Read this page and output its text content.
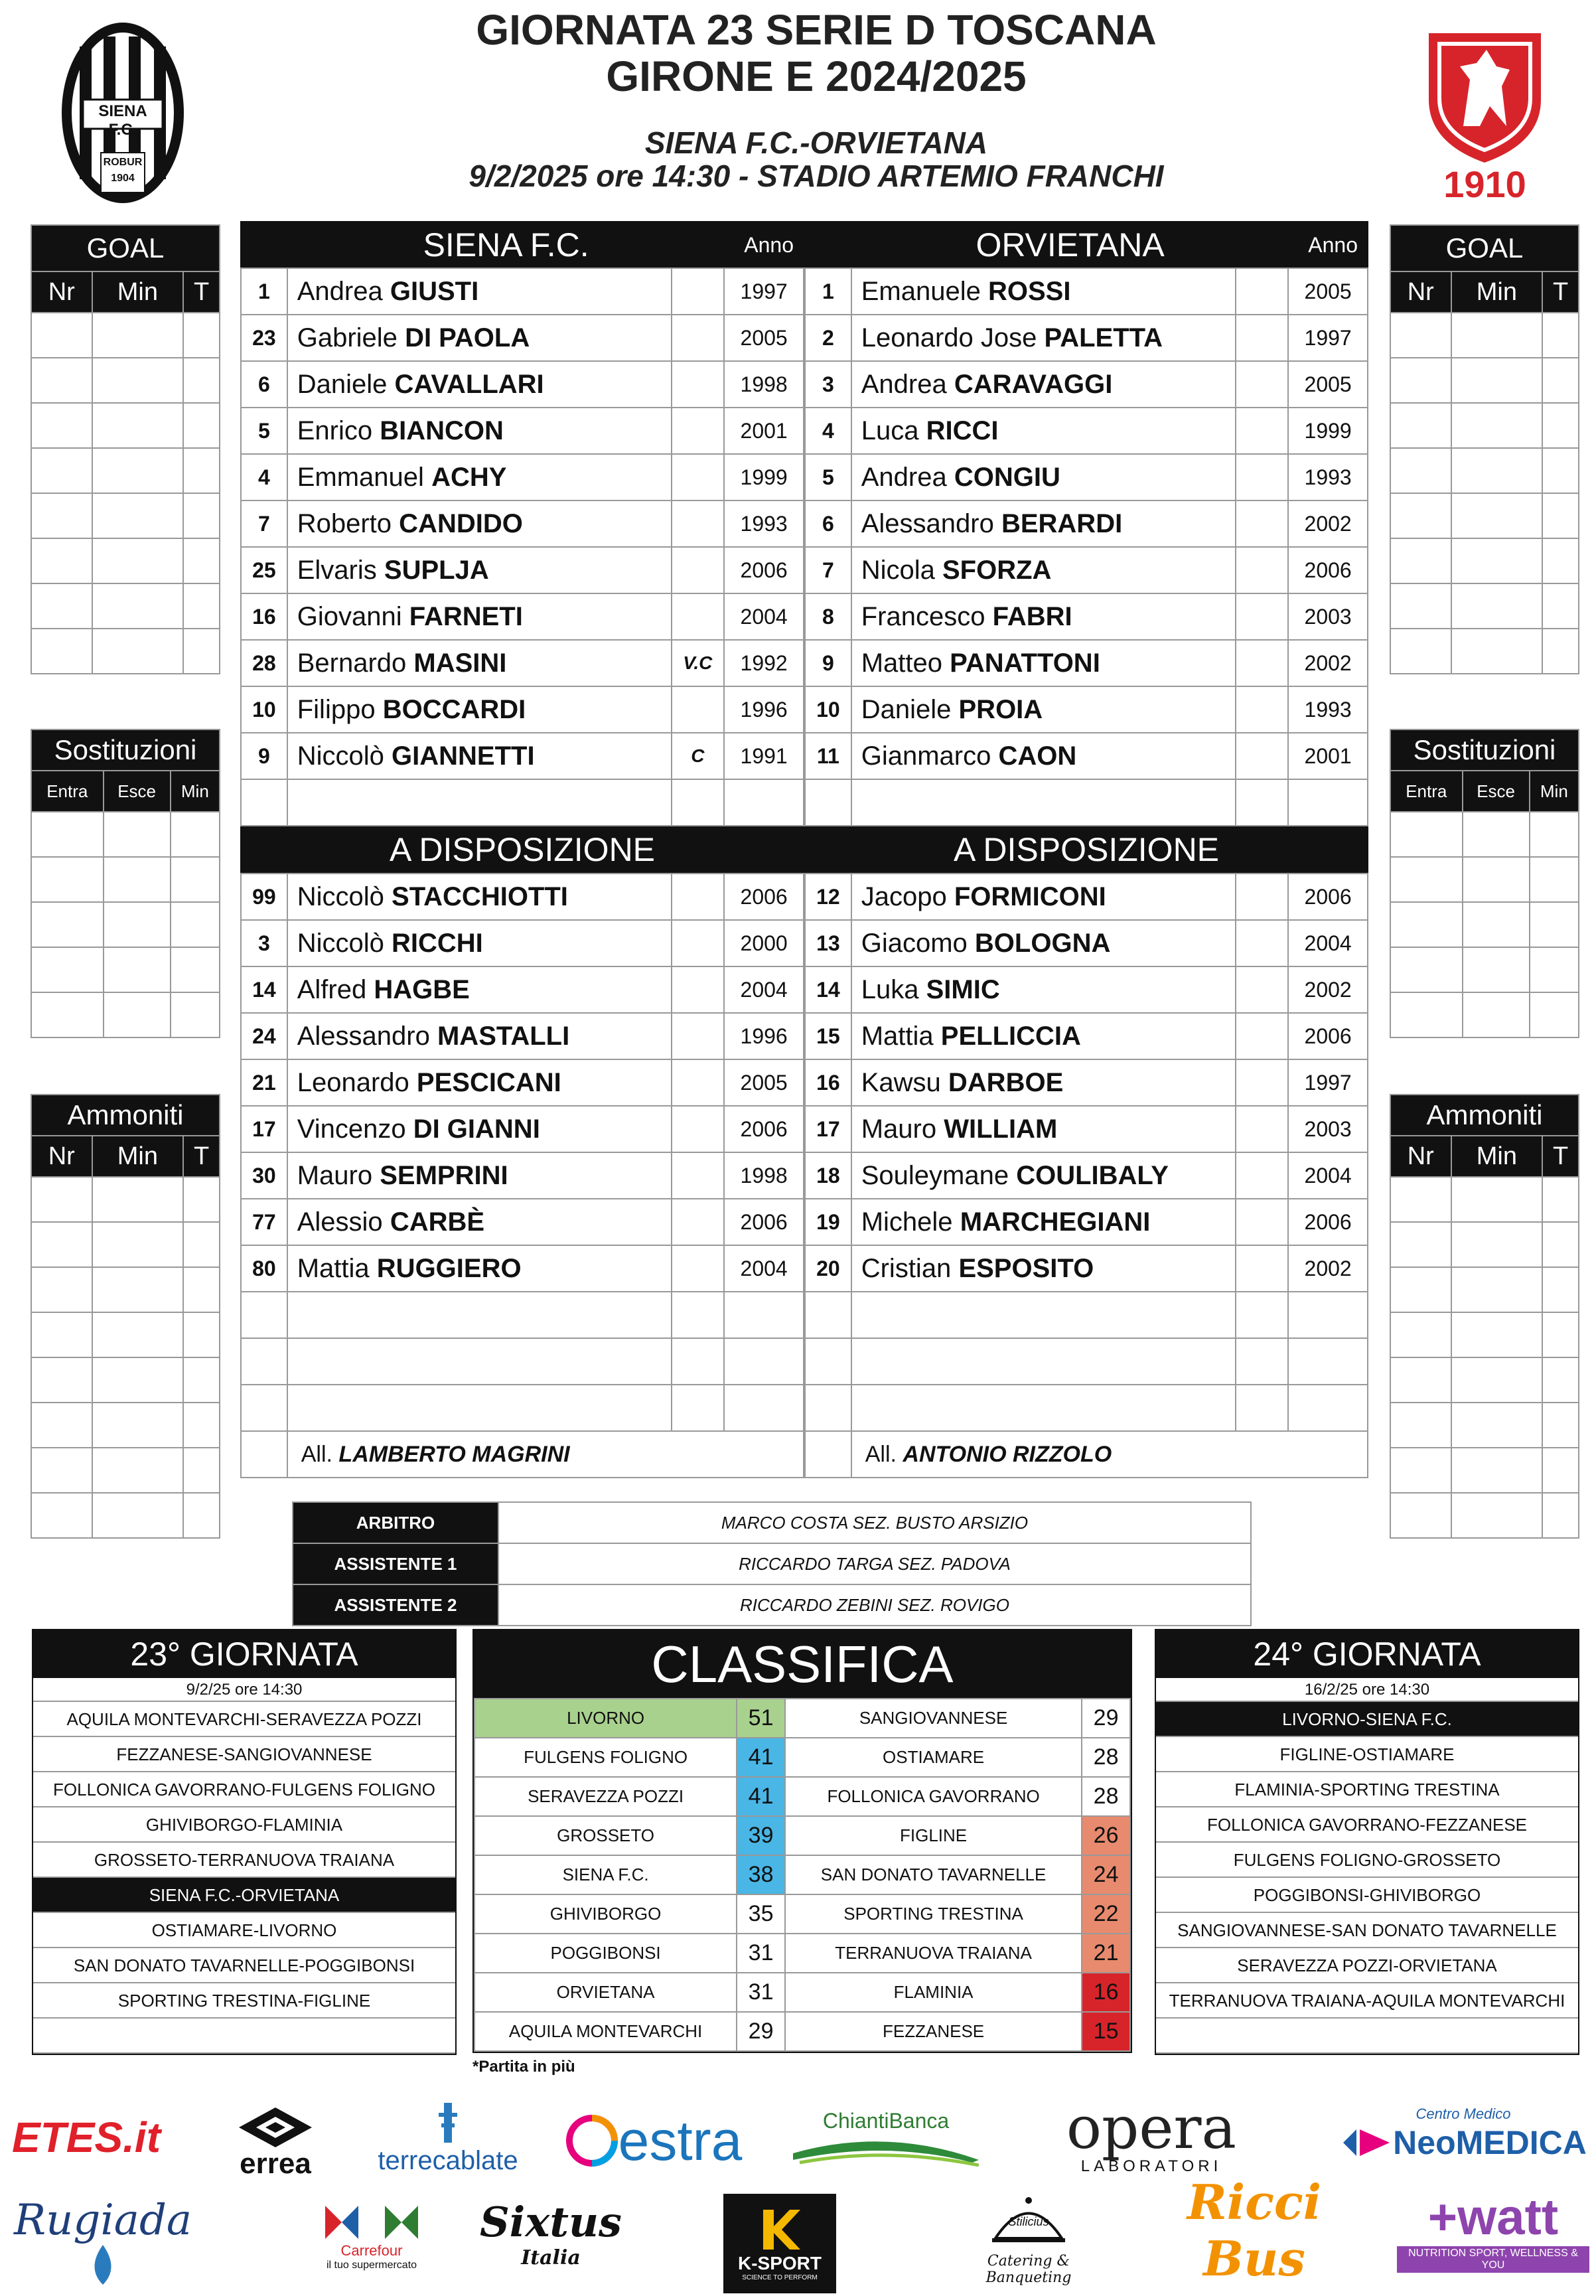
GIORNATA 23 SERIE D TOSCANA
GIRONE E 2024/2025
SIENA F.C.-ORVIETANA
9/2/2025 ore 14:30 - STADIO ARTEMIO FRANCHI
SIENA F.C.
ROBUR
1904	1910
GOAL		
Nr	Min	T

Sostituzioni		
Entra	Esce	Min

Ammoniti		
Nr	Min	T

GOAL		
Nr	Min	T

Sostituzioni		
Entra	Esce	Min

Ammoniti		
Nr	Min	T

SIENA F.C.			Anno
1	Andrea GIUSTI		1997
23	Gabriele DI PAOLA		2005
6	Daniele CAVALLARI		1998
5	Enrico BIANCON		2001
4	Emmanuel ACHY		1999
7	Roberto CANDIDO		1993
25	Elvaris SUPLJA		2006
16	Giovanni FARNETI		2004
28	Bernardo MASINI	V.C	1992
10	Filippo BOCCARDI		1996
9	Niccolò GIANNETTI	C	1991

A DISPOSIZIONE			
99	Niccolò STACCHIOTTI		2006
3	Niccolò RICCHI		2000
14	Alfred HAGBE		2004
24	Alessandro MASTALLI		1996
21	Leonardo PESCICANI		2005
17	Vincenzo DI GIANNI		2006
30	Mauro SEMPRINI		1998
77	Alessio CARBÈ		2006
80	Mattia RUGGIERO		2004

	All. LAMBERTO MAGRINI		
ORVIETANA			Anno
1	Emanuele ROSSI		2005
2	Leonardo Jose PALETTA		1997
3	Andrea CARAVAGGI		2005
4	Luca RICCI		1999
5	Andrea CONGIU		1993
6	Alessandro BERARDI		2002
7	Nicola SFORZA		2006
8	Francesco FABRI		2003
9	Matteo PANATTONI		2002
10	Daniele PROIA		1993
11	Gianmarco CAON		2001

A DISPOSIZIONE			
12	Jacopo FORMICONI		2006
13	Giacomo BOLOGNA		2004
14	Luka SIMIC		2002
15	Mattia PELLICCIA		2006
16	Kawsu DARBOE		1997
17	Mauro WILLIAM		2003
18	Souleymane COULIBALY		2004
19	Michele MARCHEGIANI		2006
20	Cristian ESPOSITO		2002

	All. ANTONIO RIZZOLO		
ARBITRO	MARCO COSTA SEZ. BUSTO ARSIZIO
ASSISTENTE 1	RICCARDO TARGA SEZ. PADOVA
ASSISTENTE 2	RICCARDO ZEBINI SEZ. ROVIGO
23° GIORNATA
9/2/25 ore 14:30
AQUILA MONTEVARCHI-SERAVEZZA POZZI
FEZZANESE-SANGIOVANNESE
FOLLONICA GAVORRANO-FULGENS FOLIGNO
GHIVIBORGO-FLAMINIA
GROSSETO-TERRANUOVA TRAIANA
SIENA F.C.-ORVIETANA
OSTIAMARE-LIVORNO
SAN DONATO TAVARNELLE-POGGIBONSI
SPORTING TRESTINA-FIGLINE
CLASSIFICA
LIVORNO	51	SANGIOVANNESE	29
FULGENS FOLIGNO	41	OSTIAMARE	28
SERAVEZZA POZZI	41	FOLLONICA GAVORRANO	28
GROSSETO	39	FIGLINE	26
SIENA F.C.	38	SAN DONATO TAVARNELLE	24
GHIVIBORGO	35	SPORTING TRESTINA	22
POGGIBONSI	31	TERRANUOVA TRAIANA	21
ORVIETANA	31	FLAMINIA	16
AQUILA MONTEVARCHI	29	FEZZANESE	15
*Partita in più
24° GIORNATA
16/2/25 ore 14:30
LIVORNO-SIENA F.C.
FIGLINE-OSTIAMARE
FLAMINIA-SPORTING TRESTINA
FOLLONICA GAVORRANO-FEZZANESE
FULGENS FOLIGNO-GROSSETO
POGGIBONSI-GHIVIBORGO
SANGIOVANNESE-SAN DONATO TAVARNELLE
SERAVEZZA POZZI-ORVIETANA
TERRANUOVA TRAIANA-AQUILA MONTEVARCHI
ETES.it
errea	terrecablate estra	ChiantiBanca opera
LABORATORI
Centro Medico
NeoMEDICA
Rugiada
Carrefour
il tuo supermercato
Sixtus
Italia	K-SPORT
SCIENCE TO PERFORM
Stilicius
Catering & Banqueting
Ricci Bus
+watt
NUTRITION SPORT, WELLNESS & YOU
